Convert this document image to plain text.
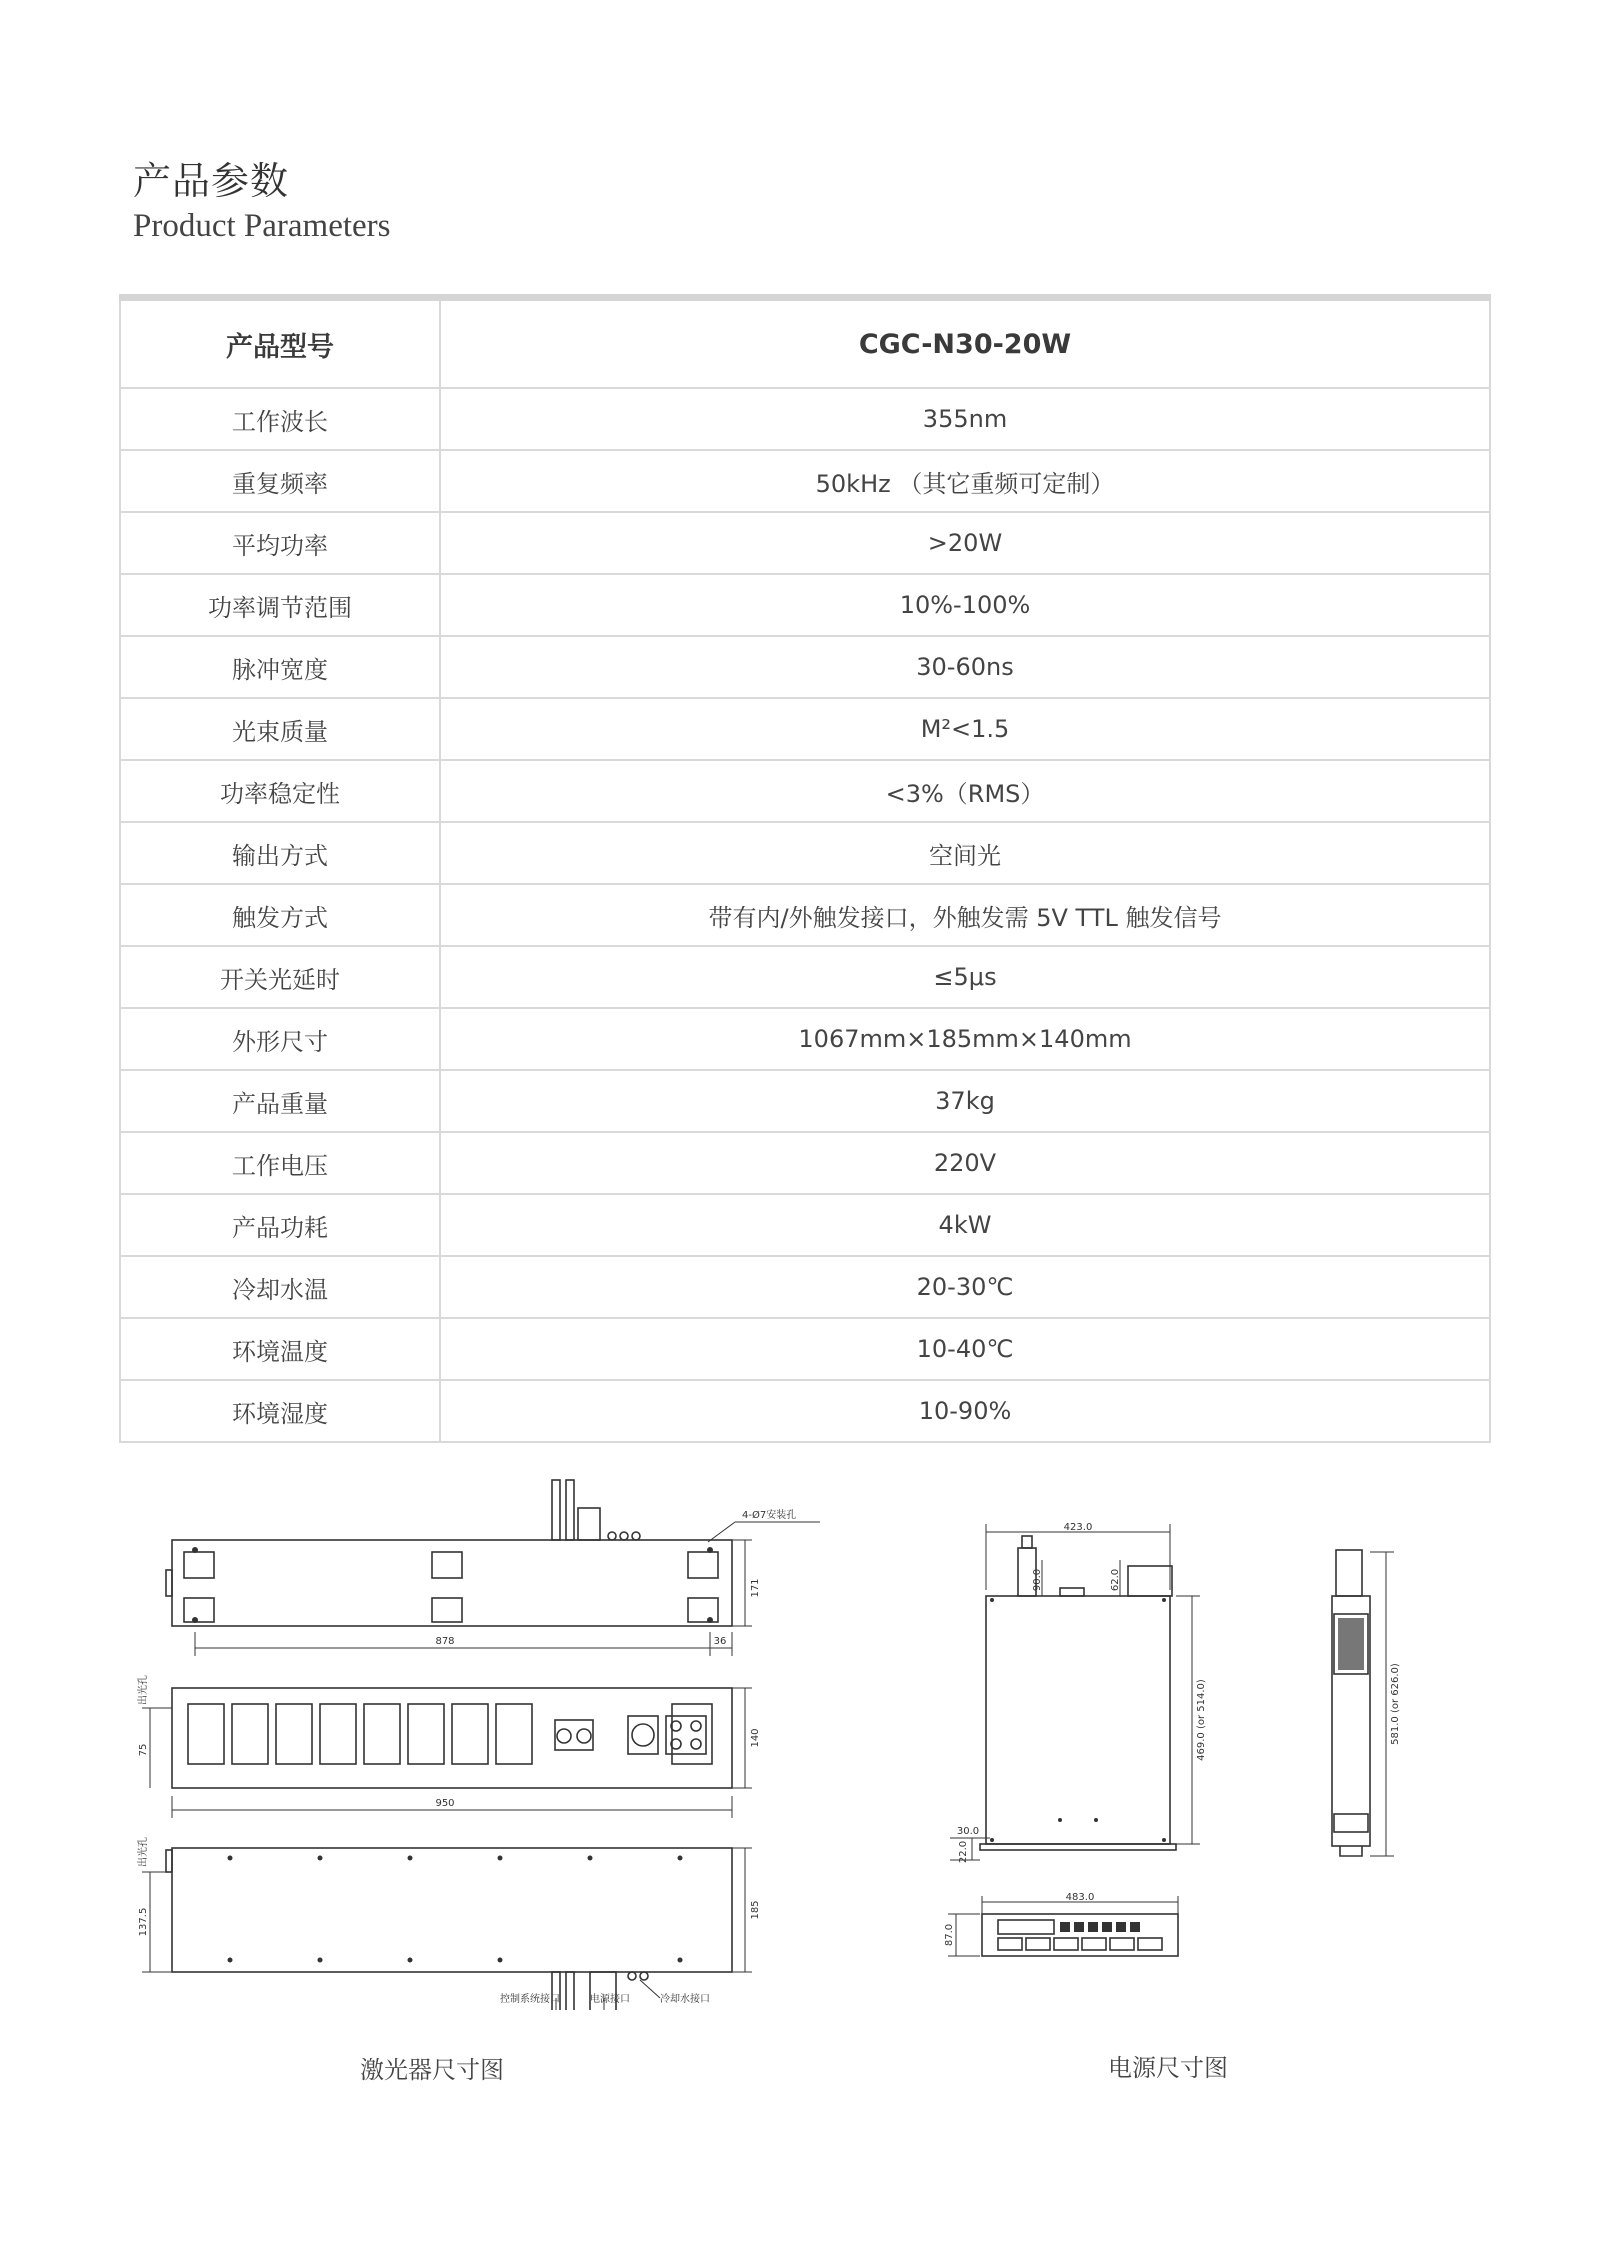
产品参数
Product Parameters
产品型号	CGC-N30-20W
工作波长	355nm
重复频率	50kHz （其它重频可定制）
平均功率	>20W
功率调节范围	10%-100%
脉冲宽度	30-60ns
光束质量	M²<1.5
功率稳定性	<3%（RMS）
输出方式	空间光
触发方式	带有内/外触发接口，外触发需 5V TTL 触发信号
开关光延时	≤5μs
外形尺寸	1067mm×185mm×140mm
产品重量	37kg
工作电压	220V
产品功耗	4kW
冷却水温	20-30℃
环境温度	10-40℃
环境湿度	10-90%
878	36
171
4-Ø7安装孔
950
140
75
出光孔
185
137.5
出光孔
控制系统接口	电源接口	冷却水接口
423.0
90.0	62.0
469.0 (or 514.0)
30.0
22.0
581.0 (or 626.0)
483.0
87.0
激光器尺寸图	电源尺寸图
